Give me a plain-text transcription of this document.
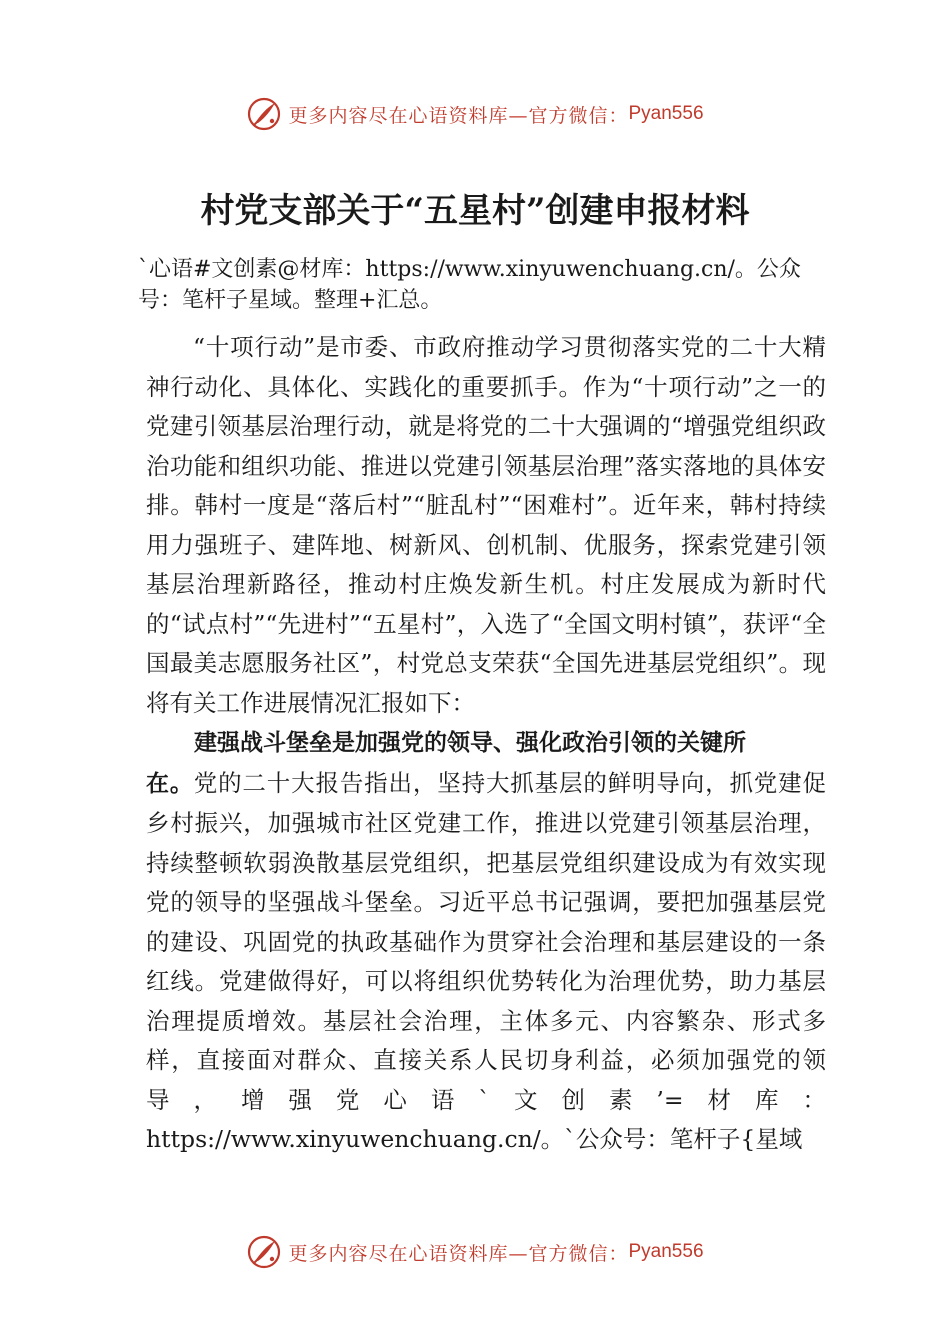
更多内容尽在心语资料库—官方微信： Pyan556
村党支部关于“五星村”创建申报材料
`心语#文创素@材库：https://www.xinyuwenchuang.cn/。公众号：笔杆子星域。整理+汇总。

“十项行动”是市委、市政府推动学习贯彻落实党的二十大精神行动化、具体化、实践化的重要抓手。作为“十项行动”之一的党建引领基层治理行动，就是将党的二十大强调的“增强党组织政治功能和组织功能、推进以党建引领基层治理”落实落地的具体安排。韩村一度是“落后村”“脏乱村”“困难村”。近年来，韩村持续用力强班子、建阵地、树新风、创机制、优服务，探索党建引领基层治理新路径，推动村庄焕发新生机。村庄发展成为新时代的“试点村”“先进村”“五星村”，入选了“全国文明村镇”，获评“全国最美志愿服务社区”，村党总支荣获“全国先进基层党组织”。现将有关工作进展情况汇报如下：

建强战斗堡垒是加强党的领导、强化政治引领的关键所

在。党的二十大报告指出，坚持大抓基层的鲜明导向，抓党建促乡村振兴，加强城市社区党建工作，推进以党建引领基层治理，持续整顿软弱涣散基层党组织，把基层党组织建设成为有效实现党的领导的坚强战斗堡垒。习近平总书记强调，要把加强基层党的建设、巩固党的执政基础作为贯穿社会治理和基层建设的一条红线。党建做得好，可以将组织优势转化为治理优势，助力基层治理提质增效。基层社会治理，主体多元、内容繁杂、形式多样，直接面对群众、直接关系人民切身利益，必须加强党的领导，增强党心语`文创素’=材库：https://www.xinyuwenchuang.cn/。`公众号：笔杆子{星域

更多内容尽在心语资料库—官方微信： Pyan556
